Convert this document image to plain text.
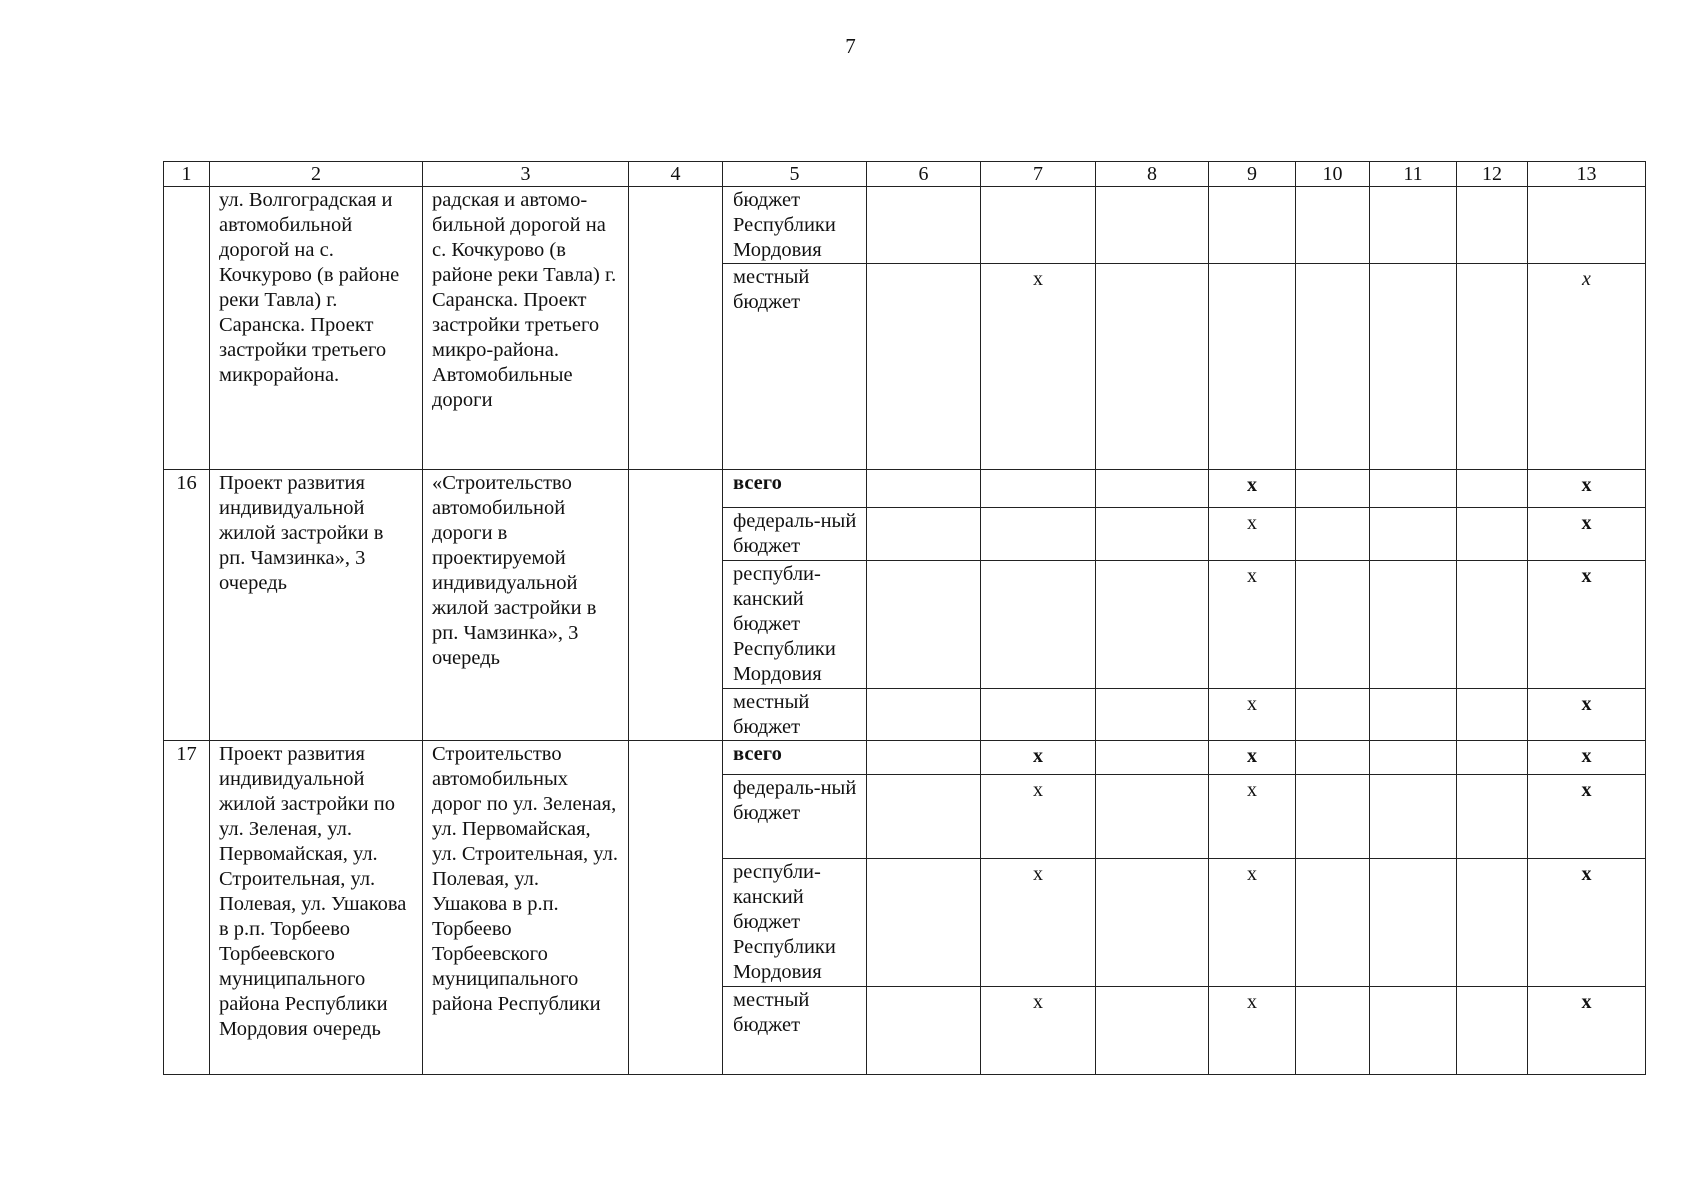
7
1	2	3	4	5	6	7	8	9	10	11	12	13
	ул. Волгоградская и автомобильной дорогой на с. Кочкурово (в районе реки Тавла) г. Саранска. Проект застройки третьего микрорайона.	радская и автомо-бильной дорогой на с. Кочкурово (в районе реки Тавла) г. Саранска. Проект застройки третьего микро-района. Автомобильные дороги		бюджет Республики Мордовия								
				местный бюджет		х						х
16	Проект развития индивидуальной жилой застройки в рп. Чамзинка», 3 очередь	«Строительство автомобильной дороги в проектируемой индивидуальной жилой застройки в рп. Чамзинка», 3 очередь		всего				х				х
				федераль-ный бюджет				х				х
				республи-канский бюджет Республики Мордовия				х				х
				местный бюджет				х				х
17	Проект развития индивидуальной жилой застройки по ул. Зеленая, ул. Первомайская, ул. Строительная, ул. Полевая, ул. Ушакова в р.п. Торбеево Торбеевского муниципального района Республики Мордовия очередь	Строительство автомобильных дорог по ул. Зеленая, ул. Первомайская, ул. Строительная, ул. Полевая, ул. Ушакова в р.п. Торбеево Торбеевского муниципального района Республики		всего		х		х				х
				федераль-ный бюджет		х		х				х
				республи-канский бюджет Республики Мордовия		х		х				х
				местный бюджет		х		х				х
